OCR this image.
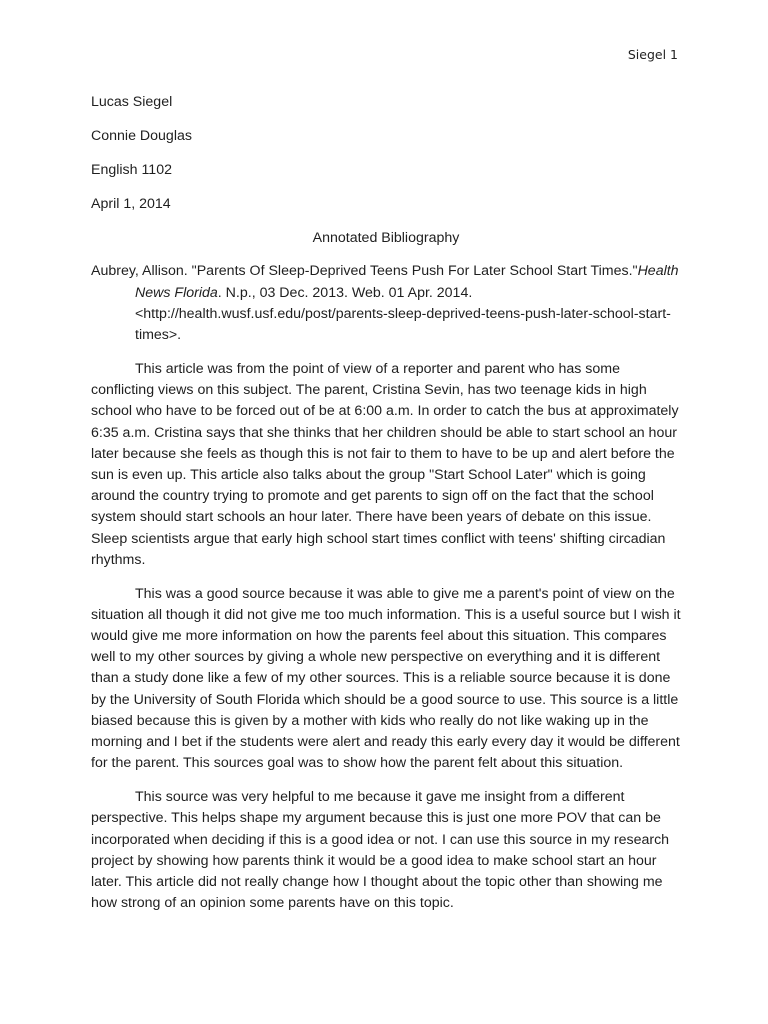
Siegel 1
Lucas Siegel
Connie Douglas
English 1102
April 1, 2014
Annotated Bibliography
Aubrey, Allison. "Parents Of Sleep-Deprived Teens Push For Later School Start Times."Health News Florida. N.p., 03 Dec. 2013. Web. 01 Apr. 2014. <http://health.wusf.usf.edu/post/parents-sleep-deprived-teens-push-later-school-start-times>.

This article was from the point of view of a reporter and parent who has some conflicting views on this subject. The parent, Cristina Sevin, has two teenage kids in high school who have to be forced out of be at 6:00 a.m. In order to catch the bus at approximately 6:35 a.m. Cristina says that she thinks that her children should be able to start school an hour later because she feels as though this is not fair to them to have to be up and alert before the sun is even up. This article also talks about the group "Start School Later" which is going around the country trying to promote and get parents to sign off on the fact that the school system should start schools an hour later. There have been years of debate on this issue. Sleep scientists argue that early high school start times conflict with teens' shifting circadian rhythms.

This was a good source because it was able to give me a parent's point of view on the situation all though it did not give me too much information. This is a useful source but I wish it would give me more information on how the parents feel about this situation. This compares well to my other sources by giving a whole new perspective on everything and it is different than a study done like a few of my other sources. This is a reliable source because it is done by the University of South Florida which should be a good source to use. This source is a little biased because this is given by a mother with kids who really do not like waking up in the morning and I bet if the students were alert and ready this early every day it would be different for the parent. This sources goal was to show how the parent felt about this situation.

This source was very helpful to me because it gave me insight from a different perspective. This helps shape my argument because this is just one more POV that can be incorporated when deciding if this is a good idea or not. I can use this source in my research project by showing how parents think it would be a good idea to make school start an hour later. This article did not really change how I thought about the topic other than showing me how strong of an opinion some parents have on this topic.
